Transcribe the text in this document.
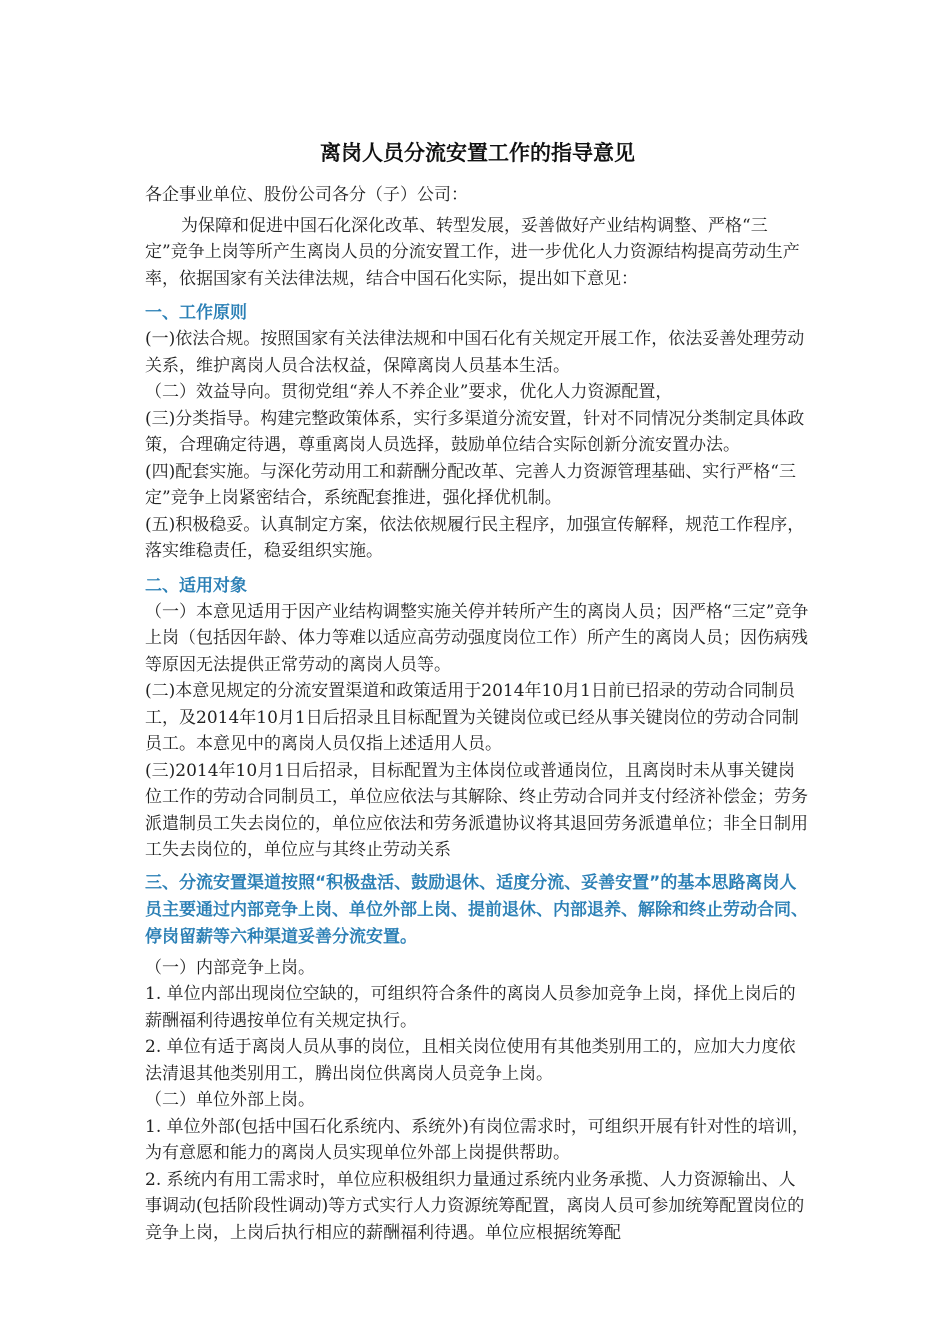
离岗人员分流安置工作的指导意见

各企事业单位、股份公司各分（子）公司：

为保障和促进中国石化深化改革、转型发展，妥善做好产业结构调整、严格“三定”竞争上岗等所产生离岗人员的分流安置工作，进一步优化人力资源结构提高劳动生产率，依据国家有关法律法规，结合中国石化实际，提出如下意见：

一、工作原则

(一)依法合规。按照国家有关法律法规和中国石化有关规定开展工作，依法妥善处理劳动关系，维护离岗人员合法权益，保障离岗人员基本生活。

（二）效益导向。贯彻党组“养人不养企业”要求，优化人力资源配置，

(三)分类指导。构建完整政策体系，实行多渠道分流安置，针对不同情况分类制定具体政策，合理确定待遇，尊重离岗人员选择，鼓励单位结合实际创新分流安置办法。

(四)配套实施。与深化劳动用工和薪酬分配改革、完善人力资源管理基础、实行严格“三定”竞争上岗紧密结合，系统配套推进，强化择优机制。

(五)积极稳妥。认真制定方案，依法依规履行民主程序，加强宣传解释，规范工作程序，落实维稳责任，稳妥组织实施。

二、适用对象

（一）本意见适用于因产业结构调整实施关停并转所产生的离岗人员；因严格“三定”竞争上岗（包括因年龄、体力等难以适应高劳动强度岗位工作）所产生的离岗人员；因伤病残等原因无法提供正常劳动的离岗人员等。

(二)本意见规定的分流安置渠道和政策适用于2014年10月1日前已招录的劳动合同制员工，及2014年10月1日后招录且目标配置为关键岗位或已经从事关键岗位的劳动合同制员工。本意见中的离岗人员仅指上述适用人员。

(三)2014年10月1日后招录，目标配置为主体岗位或普通岗位，且离岗时未从事关键岗位工作的劳动合同制员工，单位应依法与其解除、终止劳动合同并支付经济补偿金；劳务派遣制员工失去岗位的，单位应依法和劳务派遣协议将其退回劳务派遣单位；非全日制用工失去岗位的，单位应与其终止劳动关系

三、分流安置渠道按照“积极盘活、鼓励退休、适度分流、妥善安置”的基本思路离岗人员主要通过内部竞争上岗、单位外部上岗、提前退休、内部退养、解除和终止劳动合同、停岗留薪等六种渠道妥善分流安置。

（一）内部竞争上岗。

1. 单位内部出现岗位空缺的，可组织符合条件的离岗人员参加竞争上岗，择优上岗后的薪酬福利待遇按单位有关规定执行。

2. 单位有适于离岗人员从事的岗位，且相关岗位使用有其他类别用工的，应加大力度依法清退其他类别用工，腾出岗位供离岗人员竞争上岗。

（二）单位外部上岗。

1. 单位外部(包括中国石化系统内、系统外)有岗位需求时，可组织开展有针对性的培训，为有意愿和能力的离岗人员实现单位外部上岗提供帮助。

2. 系统内有用工需求时，单位应积极组织力量通过系统内业务承揽、人力资源输出、人事调动(包括阶段性调动)等方式实行人力资源统筹配置，离岗人员可参加统筹配置岗位的竞争上岗，上岗后执行相应的薪酬福利待遇。单位应根据统筹配
